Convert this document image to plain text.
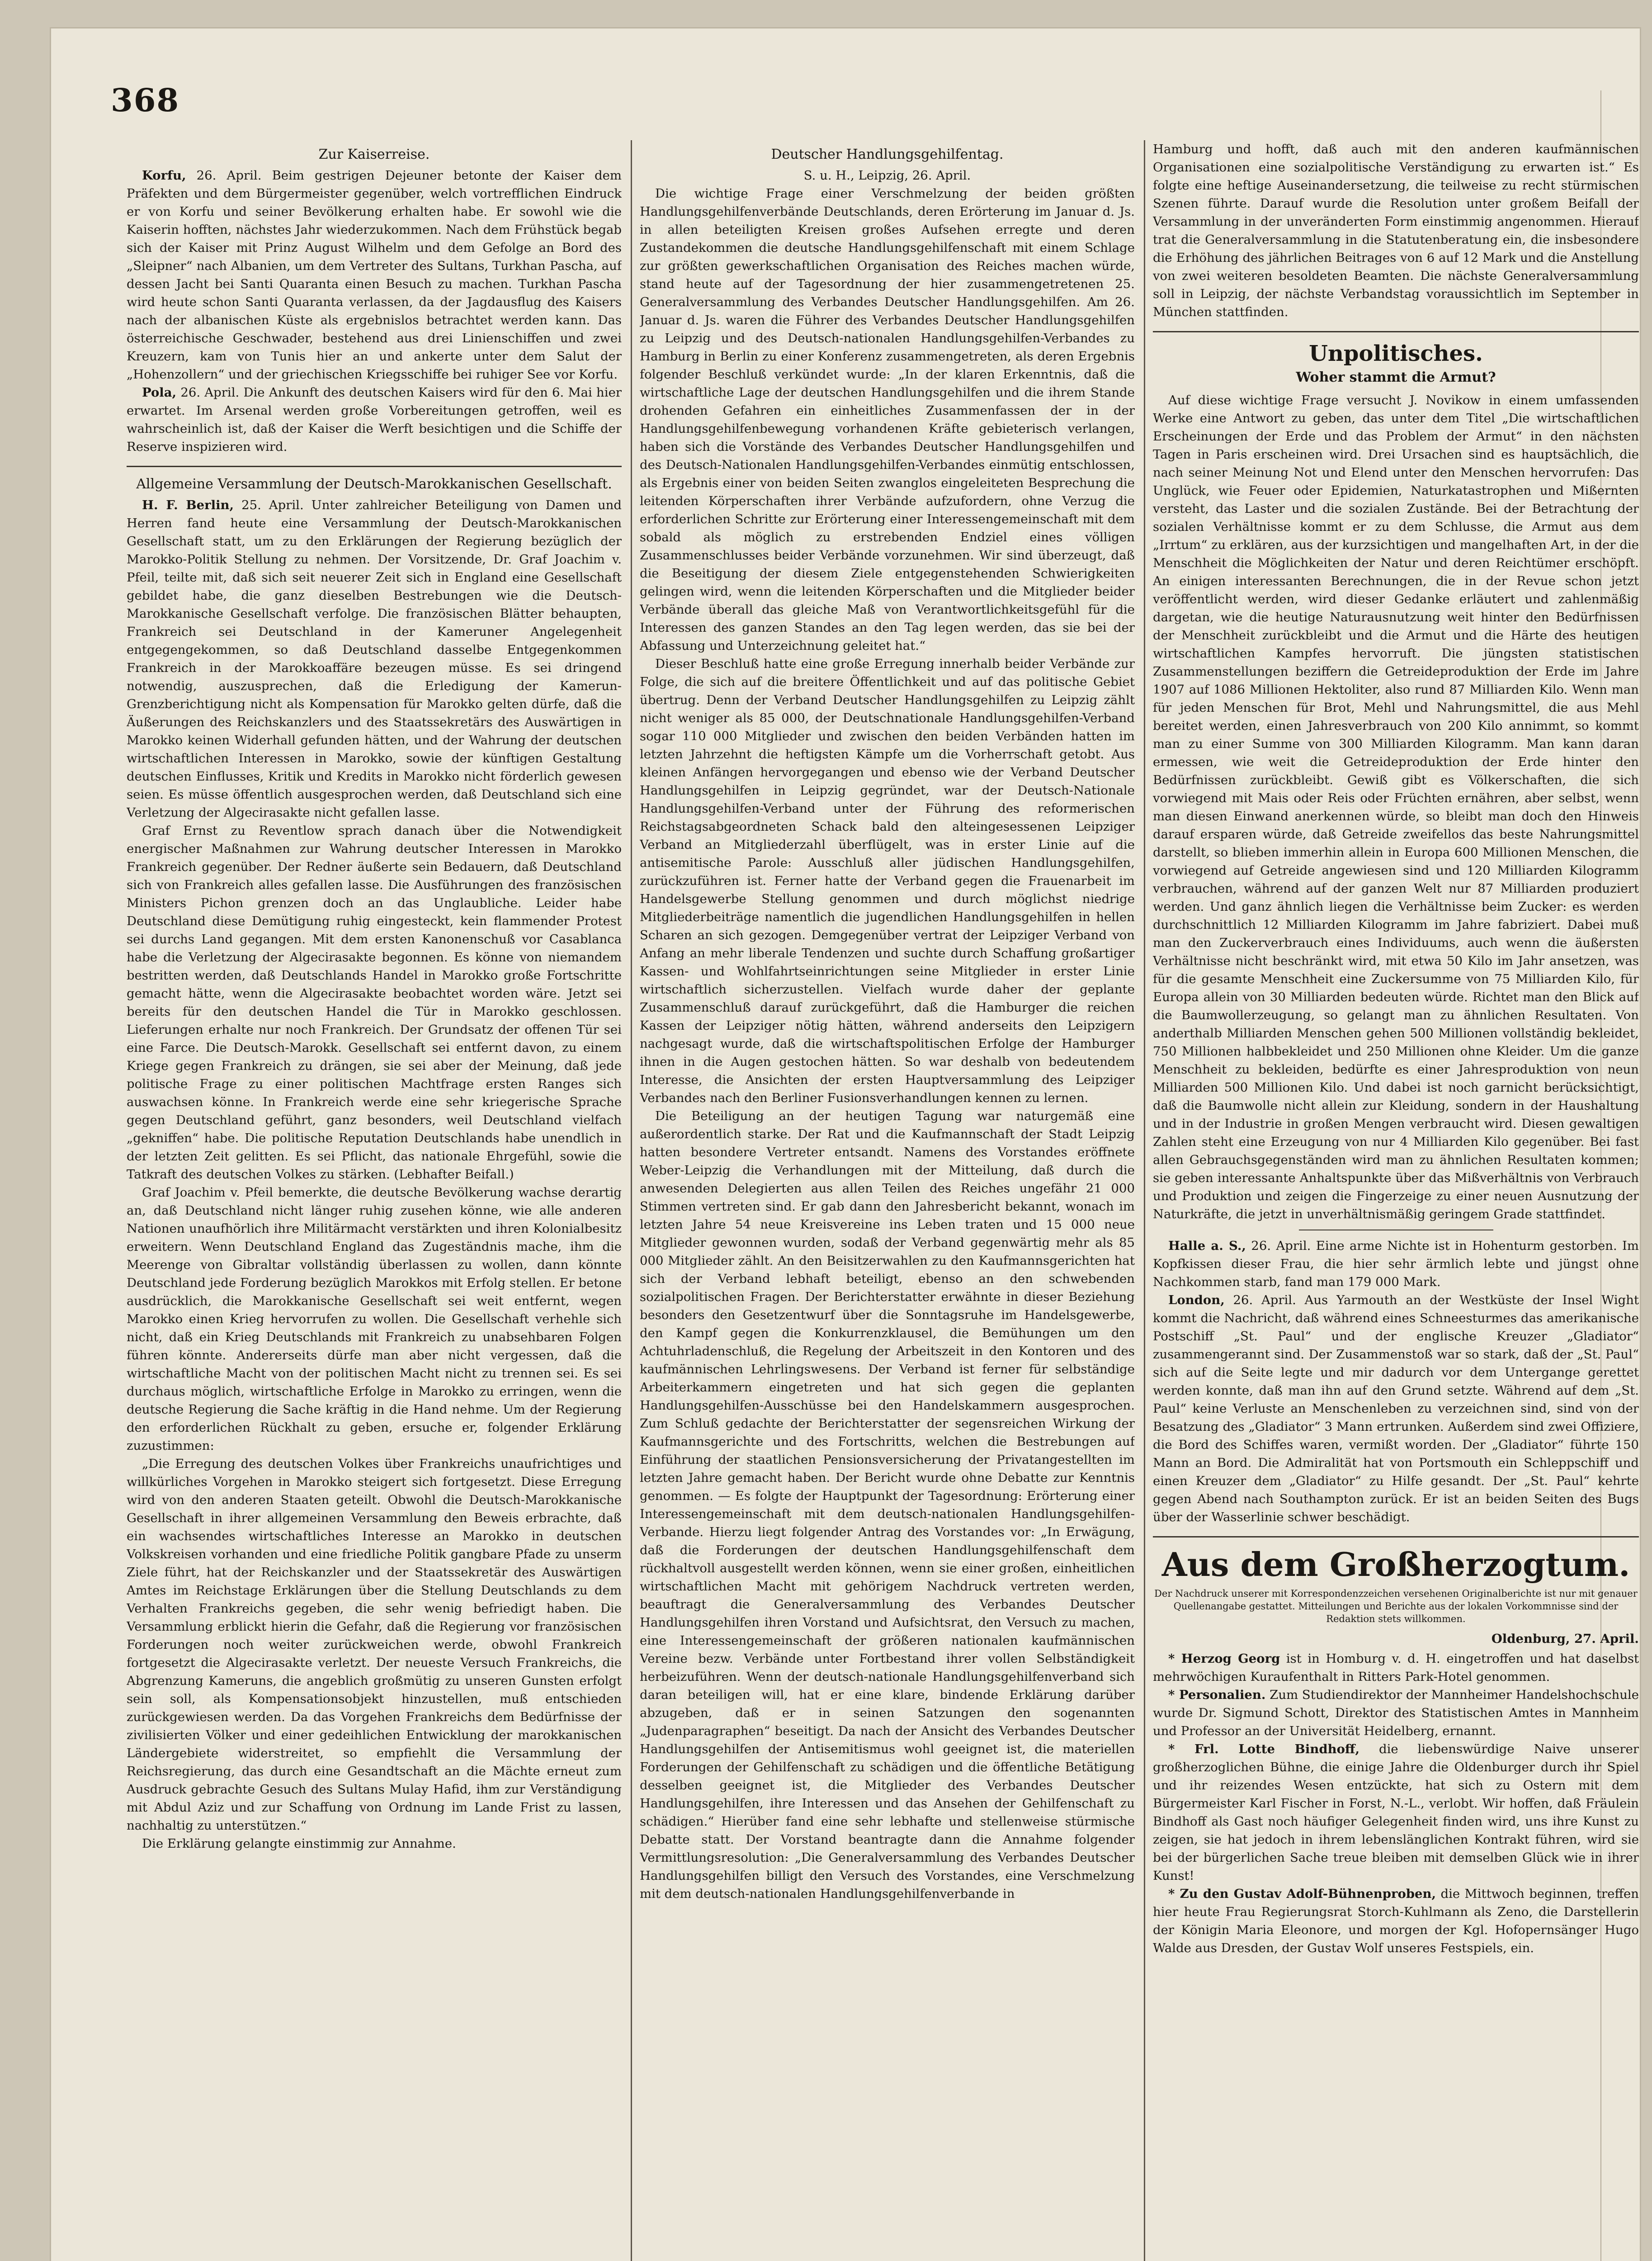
368
Zur Kaiserreise.

Korfu, 26. April. Beim gestrigen Dejeuner betonte der Kaiser dem Präfekten und dem Bürgermeister gegenüber, welch vortrefflichen Eindruck er von Korfu und seiner Bevölkerung erhalten habe. Er sowohl wie die Kaiserin hofften, nächstes Jahr wiederzukommen. Nach dem Frühstück begab sich der Kaiser mit Prinz August Wilhelm und dem Gefolge an Bord des „Sleipner“ nach Albanien, um dem Vertreter des Sultans, Turkhan Pascha, auf dessen Jacht bei Santi Quaranta einen Besuch zu machen. Turkhan Pascha wird heute schon Santi Quaranta verlassen, da der Jagdausflug des Kaisers nach der albanischen Küste als ergebnislos betrachtet werden kann. Das österreichische Geschwader, bestehend aus drei Linienschiffen und zwei Kreuzern, kam von Tunis hier an und ankerte unter dem Salut der „Hohenzollern“ und der griechischen Kriegsschiffe bei ruhiger See vor Korfu.

Pola, 26. April. Die Ankunft des deutschen Kaisers wird für den 6. Mai hier erwartet. Im Arsenal werden große Vorbereitungen getroffen, weil es wahrscheinlich ist, daß der Kaiser die Werft besichtigen und die Schiffe der Reserve inspizieren wird.

Allgemeine Versammlung der Deutsch-Marokkanischen Gesellschaft.

H. F. Berlin, 25. April. Unter zahlreicher Beteiligung von Damen und Herren fand heute eine Versammlung der Deutsch-Marokkanischen Gesellschaft statt, um zu den Erklärungen der Regierung bezüglich der Marokko-Politik Stellung zu nehmen. Der Vorsitzende, Dr. Graf Joachim v. Pfeil, teilte mit, daß sich seit neuerer Zeit sich in England eine Gesellschaft gebildet habe, die ganz dieselben Bestrebungen wie die Deutsch-Marokkanische Gesellschaft verfolge. Die französischen Blätter behaupten, Frankreich sei Deutschland in der Kameruner Angelegenheit entgegengekommen, so daß Deutschland dasselbe Entgegenkommen Frankreich in der Marokkoaffäre bezeugen müsse. Es sei dringend notwendig, auszusprechen, daß die Erledigung der Kamerun-Grenzberichtigung nicht als Kompensation für Marokko gelten dürfe, daß die Äußerungen des Reichskanzlers und des Staatssekretärs des Auswärtigen in Marokko keinen Widerhall gefunden hätten, und der Wahrung der deutschen wirtschaftlichen Interessen in Marokko, sowie der künftigen Gestaltung deutschen Einflusses, Kritik und Kredits in Marokko nicht förderlich gewesen seien. Es müsse öffentlich ausgesprochen werden, daß Deutschland sich eine Verletzung der Algecirasakte nicht gefallen lasse.

Graf Ernst zu Reventlow sprach danach über die Notwendigkeit energischer Maßnahmen zur Wahrung deutscher Interessen in Marokko Frankreich gegenüber. Der Redner äußerte sein Bedauern, daß Deutschland sich von Frankreich alles gefallen lasse. Die Ausführungen des französischen Ministers Pichon grenzen doch an das Unglaubliche. Leider habe Deutschland diese Demütigung ruhig eingesteckt, kein flammender Protest sei durchs Land gegangen. Mit dem ersten Kanonenschuß vor Casablanca habe die Verletzung der Algecirasakte begonnen. Es könne von niemandem bestritten werden, daß Deutschlands Handel in Marokko große Fortschritte gemacht hätte, wenn die Algecirasakte beobachtet worden wäre. Jetzt sei bereits für den deutschen Handel die Tür in Marokko geschlossen. Lieferungen erhalte nur noch Frankreich. Der Grundsatz der offenen Tür sei eine Farce. Die Deutsch-Marokk. Gesellschaft sei entfernt davon, zu einem Kriege gegen Frankreich zu drängen, sie sei aber der Meinung, daß jede politische Frage zu einer politischen Machtfrage ersten Ranges sich auswachsen könne. In Frankreich werde eine sehr kriegerische Sprache gegen Deutschland geführt, ganz besonders, weil Deutschland vielfach „gekniffen“ habe. Die politische Reputation Deutschlands habe unendlich in der letzten Zeit gelitten. Es sei Pflicht, das nationale Ehrgefühl, sowie die Tatkraft des deutschen Volkes zu stärken. (Lebhafter Beifall.)

Graf Joachim v. Pfeil bemerkte, die deutsche Bevölkerung wachse derartig an, daß Deutschland nicht länger ruhig zusehen könne, wie alle anderen Nationen unaufhörlich ihre Militärmacht verstärkten und ihren Kolonialbesitz erweitern. Wenn Deutschland England das Zugeständnis mache, ihm die Meerenge von Gibraltar vollständig überlassen zu wollen, dann könnte Deutschland jede Forderung bezüglich Marokkos mit Erfolg stellen. Er betone ausdrücklich, die Marokkanische Gesellschaft sei weit entfernt, wegen Marokko einen Krieg hervorrufen zu wollen. Die Gesellschaft verhehle sich nicht, daß ein Krieg Deutschlands mit Frankreich zu unabsehbaren Folgen führen könnte. Andererseits dürfe man aber nicht vergessen, daß die wirtschaftliche Macht von der politischen Macht nicht zu trennen sei. Es sei durchaus möglich, wirtschaftliche Erfolge in Marokko zu erringen, wenn die deutsche Regierung die Sache kräftig in die Hand nehme. Um der Regierung den erforderlichen Rückhalt zu geben, ersuche er, folgender Erklärung zuzustimmen:

„Die Erregung des deutschen Volkes über Frankreichs unaufrichtiges und willkürliches Vorgehen in Marokko steigert sich fortgesetzt. Diese Erregung wird von den anderen Staaten geteilt. Obwohl die Deutsch-Marokkanische Gesellschaft in ihrer allgemeinen Versammlung den Beweis erbrachte, daß ein wachsendes wirtschaftliches Interesse an Marokko in deutschen Volkskreisen vorhanden und eine friedliche Politik gangbare Pfade zu unserm Ziele führt, hat der Reichskanzler und der Staatssekretär des Auswärtigen Amtes im Reichstage Erklärungen über die Stellung Deutschlands zu dem Verhalten Frankreichs gegeben, die sehr wenig befriedigt haben. Die Versammlung erblickt hierin die Gefahr, daß die Regierung vor französischen Forderungen noch weiter zurückweichen werde, obwohl Frankreich fortgesetzt die Algecirasakte verletzt. Der neueste Versuch Frankreichs, die Abgrenzung Kameruns, die angeblich großmütig zu unseren Gunsten erfolgt sein soll, als Kompensationsobjekt hinzustellen, muß entschieden zurückgewiesen werden. Da das Vorgehen Frankreichs dem Bedürfnisse der zivilisierten Völker und einer gedeihlichen Entwicklung der marokkanischen Ländergebiete widerstreitet, so empfiehlt die Versammlung der Reichsregierung, das durch eine Gesandtschaft an die Mächte erneut zum Ausdruck gebrachte Gesuch des Sultans Mulay Hafid, ihm zur Verständigung mit Abdul Aziz und zur Schaffung von Ordnung im Lande Frist zu lassen, nachhaltig zu unterstützen.“

Die Erklärung gelangte einstimmig zur Annahme.

Deutscher Handlungsgehilfentag.
S. u. H., Leipzig, 26. April.

Die wichtige Frage einer Verschmelzung der beiden größten Handlungsgehilfenverbände Deutschlands, deren Erörterung im Januar d. Js. in allen beteiligten Kreisen großes Aufsehen erregte und deren Zustandekommen die deutsche Handlungsgehilfenschaft mit einem Schlage zur größten gewerkschaftlichen Organisation des Reiches machen würde, stand heute auf der Tagesordnung der hier zusammengetretenen 25. Generalversammlung des Verbandes Deutscher Handlungsgehilfen. Am 26. Januar d. Js. waren die Führer des Verbandes Deutscher Handlungsgehilfen zu Leipzig und des Deutsch-nationalen Handlungsgehilfen-Verbandes zu Hamburg in Berlin zu einer Konferenz zusammengetreten, als deren Ergebnis folgender Beschluß verkündet wurde: „In der klaren Erkenntnis, daß die wirtschaftliche Lage der deutschen Handlungsgehilfen und die ihrem Stande drohenden Gefahren ein einheitliches Zusammenfassen der in der Handlungsgehilfenbewegung vorhandenen Kräfte gebieterisch verlangen, haben sich die Vorstände des Verbandes Deutscher Handlungsgehilfen und des Deutsch-Nationalen Handlungsgehilfen-Verbandes einmütig entschlossen, als Ergebnis einer von beiden Seiten zwanglos eingeleiteten Besprechung die leitenden Körperschaften ihrer Verbände aufzufordern, ohne Verzug die erforderlichen Schritte zur Erörterung einer Interessengemeinschaft mit dem sobald als möglich zu erstrebenden Endziel eines völligen Zusammenschlusses beider Verbände vorzunehmen. Wir sind überzeugt, daß die Beseitigung der diesem Ziele entgegenstehenden Schwierigkeiten gelingen wird, wenn die leitenden Körperschaften und die Mitglieder beider Verbände überall das gleiche Maß von Verantwortlichkeitsgefühl für die Interessen des ganzen Standes an den Tag legen werden, das sie bei der Abfassung und Unterzeichnung geleitet hat.“

Dieser Beschluß hatte eine große Erregung innerhalb beider Verbände zur Folge, die sich auf die breitere Öffentlichkeit und auf das politische Gebiet übertrug. Denn der Verband Deutscher Handlungsgehilfen zu Leipzig zählt nicht weniger als 85 000, der Deutschnationale Handlungsgehilfen-Verband sogar 110 000 Mitglieder und zwischen den beiden Verbänden hatten im letzten Jahrzehnt die heftigsten Kämpfe um die Vorherrschaft getobt. Aus kleinen Anfängen hervorgegangen und ebenso wie der Verband Deutscher Handlungsgehilfen in Leipzig gegründet, war der Deutsch-Nationale Handlungsgehilfen-Verband unter der Führung des reformerischen Reichstagsabgeordneten Schack bald den alteingesessenen Leipziger Verband an Mitgliederzahl überflügelt, was in erster Linie auf die antisemitische Parole: Ausschluß aller jüdischen Handlungsgehilfen, zurückzuführen ist. Ferner hatte der Verband gegen die Frauenarbeit im Handelsgewerbe Stellung genommen und durch möglichst niedrige Mitgliederbeiträge namentlich die jugendlichen Handlungsgehilfen in hellen Scharen an sich gezogen. Demgegenüber vertrat der Leipziger Verband von Anfang an mehr liberale Tendenzen und suchte durch Schaffung großartiger Kassen- und Wohlfahrtseinrichtungen seine Mitglieder in erster Linie wirtschaftlich sicherzustellen. Vielfach wurde daher der geplante Zusammenschluß darauf zurückgeführt, daß die Hamburger die reichen Kassen der Leipziger nötig hätten, während anderseits den Leipzigern nachgesagt wurde, daß die wirtschaftspolitischen Erfolge der Hamburger ihnen in die Augen gestochen hätten. So war deshalb von bedeutendem Interesse, die Ansichten der ersten Hauptversammlung des Leipziger Verbandes nach den Berliner Fusionsverhandlungen kennen zu lernen.

Die Beteiligung an der heutigen Tagung war naturgemäß eine außerordentlich starke. Der Rat und die Kaufmannschaft der Stadt Leipzig hatten besondere Vertreter entsandt. Namens des Vorstandes eröffnete Weber-Leipzig die Verhandlungen mit der Mitteilung, daß durch die anwesenden Delegierten aus allen Teilen des Reiches ungefähr 21 000 Stimmen vertreten sind. Er gab dann den Jahresbericht bekannt, wonach im letzten Jahre 54 neue Kreisvereine ins Leben traten und 15 000 neue Mitglieder gewonnen wurden, sodaß der Verband gegenwärtig mehr als 85 000 Mitglieder zählt. An den Beisitzerwahlen zu den Kaufmannsgerichten hat sich der Verband lebhaft beteiligt, ebenso an den schwebenden sozialpolitischen Fragen. Der Berichterstatter erwähnte in dieser Beziehung besonders den Gesetzentwurf über die Sonntagsruhe im Handelsgewerbe, den Kampf gegen die Konkurrenzklausel, die Bemühungen um den Achtuhrladenschluß, die Regelung der Arbeitszeit in den Kontoren und des kaufmännischen Lehrlingswesens. Der Verband ist ferner für selbständige Arbeiterkammern eingetreten und hat sich gegen die geplanten Handlungsgehilfen-Ausschüsse bei den Handelskammern ausgesprochen. Zum Schluß gedachte der Berichterstatter der segensreichen Wirkung der Kaufmannsgerichte und des Fortschritts, welchen die Bestrebungen auf Einführung der staatlichen Pensionsversicherung der Privatangestellten im letzten Jahre gemacht haben. Der Bericht wurde ohne Debatte zur Kenntnis genommen. — Es folgte der Hauptpunkt der Tagesordnung: Erörterung einer Interessengemeinschaft mit dem deutsch-nationalen Handlungsgehilfen-Verbande. Hierzu liegt folgender Antrag des Vorstandes vor: „In Erwägung, daß die Forderungen der deutschen Handlungsgehilfenschaft dem rückhaltvoll ausgestellt werden können, wenn sie einer großen, einheitlichen wirtschaftlichen Macht mit gehörigem Nachdruck vertreten werden, beauftragt die Generalversammlung des Verbandes Deutscher Handlungsgehilfen ihren Vorstand und Aufsichtsrat, den Versuch zu machen, eine Interessengemeinschaft der größeren nationalen kaufmännischen Vereine bezw. Verbände unter Fortbestand ihrer vollen Selbständigkeit herbeizuführen. Wenn der deutsch-nationale Handlungsgehilfenverband sich daran beteiligen will, hat er eine klare, bindende Erklärung darüber abzugeben, daß er in seinen Satzungen den sogenannten „Judenparagraphen“ beseitigt. Da nach der Ansicht des Verbandes Deutscher Handlungsgehilfen der Antisemitismus wohl geeignet ist, die materiellen Forderungen der Gehilfenschaft zu schädigen und die öffentliche Betätigung desselben geeignet ist, die Mitglieder des Verbandes Deutscher Handlungsgehilfen, ihre Interessen und das Ansehen der Gehilfenschaft zu schädigen.“ Hierüber fand eine sehr lebhafte und stellenweise stürmische Debatte statt. Der Vorstand beantragte dann die Annahme folgender Vermittlungsresolution: „Die Generalversammlung des Verbandes Deutscher Handlungsgehilfen billigt den Versuch des Vorstandes, eine Verschmelzung mit dem deutsch-nationalen Handlungsgehilfenverbande in

Hamburg und hofft, daß auch mit den anderen kaufmännischen Organisationen eine sozialpolitische Verständigung zu erwarten ist.“ Es folgte eine heftige Auseinandersetzung, die teilweise zu recht stürmischen Szenen führte. Darauf wurde die Resolution unter großem Beifall der Versammlung in der unveränderten Form einstimmig angenommen. Hierauf trat die Generalversammlung in die Statutenberatung ein, die insbesondere die Erhöhung des jährlichen Beitrages von 6 auf 12 Mark und die Anstellung von zwei weiteren besoldeten Beamten. Die nächste Generalversammlung soll in Leipzig, der nächste Verbandstag voraussichtlich im September in München stattfinden.

Unpolitisches.
Woher stammt die Armut?

Auf diese wichtige Frage versucht J. Novikow in einem umfassenden Werke eine Antwort zu geben, das unter dem Titel „Die wirtschaftlichen Erscheinungen der Erde und das Problem der Armut“ in den nächsten Tagen in Paris erscheinen wird. Drei Ursachen sind es hauptsächlich, die nach seiner Meinung Not und Elend unter den Menschen hervorrufen: Das Unglück, wie Feuer oder Epidemien, Naturkatastrophen und Mißernten versteht, das Laster und die sozialen Zustände. Bei der Betrachtung der sozialen Verhältnisse kommt er zu dem Schlusse, die Armut aus dem „Irrtum“ zu erklären, aus der kurzsichtigen und mangelhaften Art, in der die Menschheit die Möglichkeiten der Natur und deren Reichtümer erschöpft. An einigen interessanten Berechnungen, die in der Revue schon jetzt veröffentlicht werden, wird dieser Gedanke erläutert und zahlenmäßig dargetan, wie die heutige Naturausnutzung weit hinter den Bedürfnissen der Menschheit zurückbleibt und die Armut und die Härte des heutigen wirtschaftlichen Kampfes hervorruft. Die jüngsten statistischen Zusammenstellungen beziffern die Getreideproduktion der Erde im Jahre 1907 auf 1086 Millionen Hektoliter, also rund 87 Milliarden Kilo. Wenn man für jeden Menschen für Brot, Mehl und Nahrungsmittel, die aus Mehl bereitet werden, einen Jahresverbrauch von 200 Kilo annimmt, so kommt man zu einer Summe von 300 Milliarden Kilogramm. Man kann daran ermessen, wie weit die Getreideproduktion der Erde hinter den Bedürfnissen zurückbleibt. Gewiß gibt es Völkerschaften, die sich vorwiegend mit Mais oder Reis oder Früchten ernähren, aber selbst, wenn man diesen Einwand anerkennen würde, so bleibt man doch den Hinweis darauf ersparen würde, daß Getreide zweifellos das beste Nahrungsmittel darstellt, so blieben immerhin allein in Europa 600 Millionen Menschen, die vorwiegend auf Getreide angewiesen sind und 120 Milliarden Kilogramm verbrauchen, während auf der ganzen Welt nur 87 Milliarden produziert werden. Und ganz ähnlich liegen die Verhältnisse beim Zucker: es werden durchschnittlich 12 Milliarden Kilogramm im Jahre fabriziert. Dabei muß man den Zuckerverbrauch eines Individuums, auch wenn die äußersten Verhältnisse nicht beschränkt wird, mit etwa 50 Kilo im Jahr ansetzen, was für die gesamte Menschheit eine Zuckersumme von 75 Milliarden Kilo, für Europa allein von 30 Milliarden bedeuten würde. Richtet man den Blick auf die Baumwollerzeugung, so gelangt man zu ähnlichen Resultaten. Von anderthalb Milliarden Menschen gehen 500 Millionen vollständig bekleidet, 750 Millionen halbbekleidet und 250 Millionen ohne Kleider. Um die ganze Menschheit zu bekleiden, bedürfte es einer Jahresproduktion von neun Milliarden 500 Millionen Kilo. Und dabei ist noch garnicht berücksichtigt, daß die Baumwolle nicht allein zur Kleidung, sondern in der Haushaltung und in der Industrie in großen Mengen verbraucht wird. Diesen gewaltigen Zahlen steht eine Erzeugung von nur 4 Milliarden Kilo gegenüber. Bei fast allen Gebrauchsgegenständen wird man zu ähnlichen Resultaten kommen; sie geben interessante Anhaltspunkte über das Mißverhältnis von Verbrauch und Produktion und zeigen die Fingerzeige zu einer neuen Ausnutzung der Naturkräfte, die jetzt in unverhältnismäßig geringem Grade stattfindet.

Halle a. S., 26. April. Eine arme Nichte ist in Hohenturm gestorben. Im Kopfkissen dieser Frau, die hier sehr ärmlich lebte und jüngst ohne Nachkommen starb, fand man 179 000 Mark.

London, 26. April. Aus Yarmouth an der Westküste der Insel Wight kommt die Nachricht, daß während eines Schneesturmes das amerikanische Postschiff „St. Paul“ und der englische Kreuzer „Gladiator“ zusammengerannt sind. Der Zusammenstoß war so stark, daß der „St. Paul“ sich auf die Seite legte und mir dadurch vor dem Untergange gerettet werden konnte, daß man ihn auf den Grund setzte. Während auf dem „St. Paul“ keine Verluste an Menschenleben zu verzeichnen sind, sind von der Besatzung des „Gladiator“ 3 Mann ertrunken. Außerdem sind zwei Offiziere, die Bord des Schiffes waren, vermißt worden. Der „Gladiator“ führte 150 Mann an Bord. Die Admiralität hat von Portsmouth ein Schleppschiff und einen Kreuzer dem „Gladiator“ zu Hilfe gesandt. Der „St. Paul“ kehrte gegen Abend nach Southampton zurück. Er ist an beiden Seiten des Bugs über der Wasserlinie schwer beschädigt.

Aus dem Großherzogtum.
Der Nachdruck unserer mit Korrespondenzzeichen versehenen Originalberichte ist nur mit genauer Quellenangabe gestattet. Mitteilungen und Berichte aus der lokalen Vorkommnisse sind der Redaktion stets willkommen.
Oldenburg, 27. April.

* Herzog Georg ist in Homburg v. d. H. eingetroffen und hat daselbst mehrwöchigen Kuraufenthalt in Ritters Park-Hotel genommen.

* Personalien. Zum Studiendirektor der Mannheimer Handelshochschule wurde Dr. Sigmund Schott, Direktor des Statistischen Amtes in Mannheim und Professor an der Universität Heidelberg, ernannt.

* Frl. Lotte Bindhoff, die liebenswürdige Naive unserer großherzoglichen Bühne, die einige Jahre die Oldenburger durch ihr Spiel und ihr reizendes Wesen entzückte, hat sich zu Ostern mit dem Bürgermeister Karl Fischer in Forst, N.-L., verlobt. Wir hoffen, daß Fräulein Bindhoff als Gast noch häufiger Gelegenheit finden wird, uns ihre Kunst zu zeigen, sie hat jedoch in ihrem lebenslänglichen Kontrakt führen, wird sie bei der bürgerlichen Sache treue bleiben mit demselben Glück wie in ihrer Kunst!

* Zu den Gustav Adolf-Bühnenproben, die Mittwoch beginnen, treffen hier heute Frau Regierungsrat Storch-Kuhlmann als Zeno, die Darstellerin der Königin Maria Eleonore, und morgen der Kgl. Hofopernsänger Hugo Walde aus Dresden, der Gustav Wolf unseres Festspiels, ein.
